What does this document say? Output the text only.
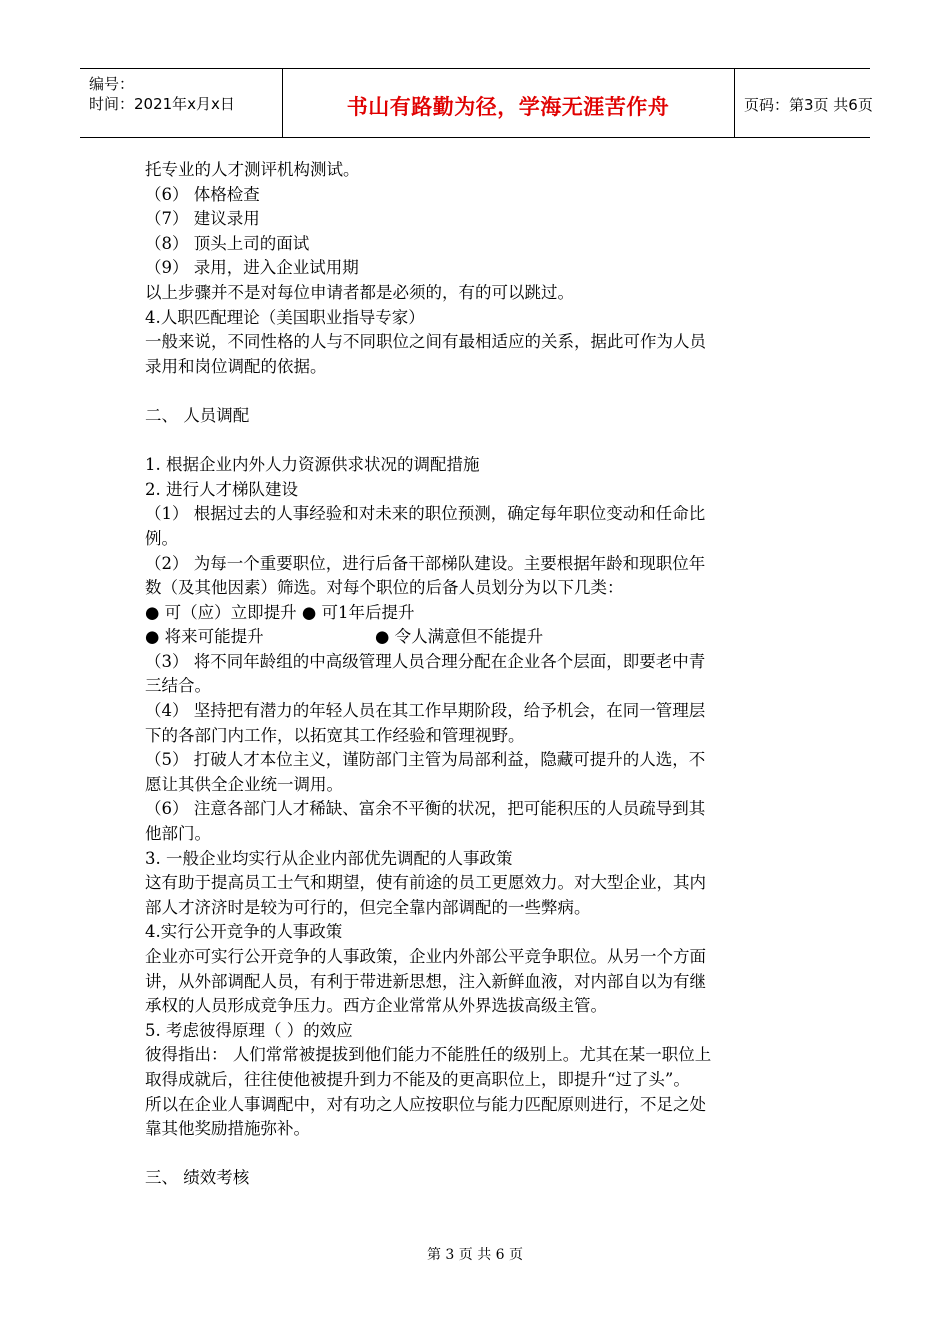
编号：
时间：2021年x月x日	书山有路勤为径，学海无涯苦作舟	页码：第3页 共6页
托专业的人才测评机构测试。
（6） 体格检查
（7） 建议录用
（8） 顶头上司的面试
（9） 录用，进入企业试用期
以上步骤并不是对每位申请者都是必须的，有的可以跳过。
4.人职匹配理论（美国职业指导专家）
一般来说，不同性格的人与不同职位之间有最相适应的关系，据此可作为人员
录用和岗位调配的依据。
二、 人员调配
1. 根据企业内外人力资源供求状况的调配措施
2. 进行人才梯队建设
（1） 根据过去的人事经验和对未来的职位预测，确定每年职位变动和任命比
例。
（2） 为每一个重要职位，进行后备干部梯队建设。主要根据年龄和现职位年
数（及其他因素）筛选。对每个职位的后备人员划分为以下几类：
● 可（应）立即提升 ● 可1年后提升
● 将来可能提升	● 令人满意但不能提升
（3） 将不同年龄组的中高级管理人员合理分配在企业各个层面，即要老中青
三结合。
（4） 坚持把有潜力的年轻人员在其工作早期阶段，给予机会，在同一管理层
下的各部门内工作，以拓宽其工作经验和管理视野。
（5） 打破人才本位主义，谨防部门主管为局部利益，隐藏可提升的人选，不
愿让其供全企业统一调用。
（6） 注意各部门人才稀缺、富余不平衡的状况，把可能积压的人员疏导到其
他部门。
3. 一般企业均实行从企业内部优先调配的人事政策
这有助于提高员工士气和期望，使有前途的员工更愿效力。对大型企业，其内
部人才济济时是较为可行的，但完全靠内部调配的一些弊病。
4.实行公开竞争的人事政策
企业亦可实行公开竞争的人事政策，企业内外部公平竞争职位。从另一个方面
讲，从外部调配人员，有利于带进新思想，注入新鲜血液，对内部自以为有继
承权的人员形成竞争压力。西方企业常常从外界选拔高级主管。
5. 考虑彼得原理（ ）的效应
彼得指出： 人们常常被提拔到他们能力不能胜任的级别上。尤其在某一职位上
取得成就后，往往使他被提升到力不能及的更高职位上，即提升“过了头”。
所以在企业人事调配中，对有功之人应按职位与能力匹配原则进行，不足之处
靠其他奖励措施弥补。
三、 绩效考核
第 3 页 共 6 页
